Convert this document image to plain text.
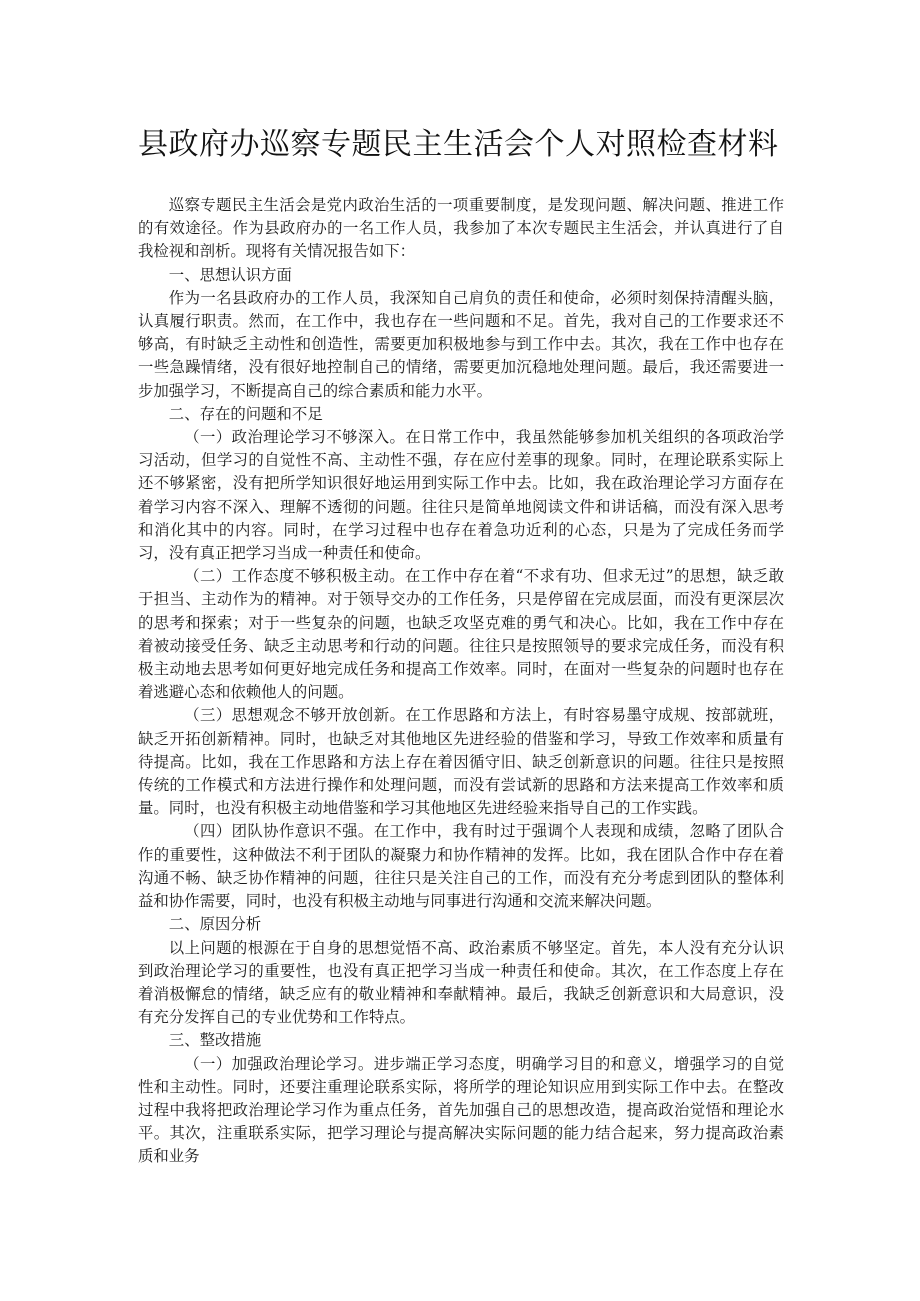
县政府办巡察专题民主生活会个人对照检查材料

巡察专题民主生活会是党内政治生活的一项重要制度，是发现问题、解决问题、推进工作的有效途径。作为县政府办的一名工作人员，我参加了本次专题民主生活会，并认真进行了自我检视和剖析。现将有关情况报告如下：

一、思想认识方面

作为一名县政府办的工作人员，我深知自己肩负的责任和使命，必须时刻保持清醒头脑，认真履行职责。然而，在工作中，我也存在一些问题和不足。首先，我对自己的工作要求还不够高，有时缺乏主动性和创造性，需要更加积极地参与到工作中去。其次，我在工作中也存在一些急躁情绪，没有很好地控制自己的情绪，需要更加沉稳地处理问题。最后，我还需要进一步加强学习，不断提高自己的综合素质和能力水平。

二、存在的问题和不足

（一）政治理论学习不够深入。在日常工作中，我虽然能够参加机关组织的各项政治学习活动，但学习的自觉性不高、主动性不强，存在应付差事的现象。同时，在理论联系实际上还不够紧密，没有把所学知识很好地运用到实际工作中去。比如，我在政治理论学习方面存在着学习内容不深入、理解不透彻的问题。往往只是简单地阅读文件和讲话稿，而没有深入思考和消化其中的内容。同时，在学习过程中也存在着急功近利的心态，只是为了完成任务而学习，没有真正把学习当成一种责任和使命。

（二）工作态度不够积极主动。在工作中存在着“不求有功、但求无过”的思想，缺乏敢于担当、主动作为的精神。对于领导交办的工作任务，只是停留在完成层面，而没有更深层次的思考和探索；对于一些复杂的问题，也缺乏攻坚克难的勇气和决心。比如，我在工作中存在着被动接受任务、缺乏主动思考和行动的问题。往往只是按照领导的要求完成任务，而没有积极主动地去思考如何更好地完成任务和提高工作效率。同时，在面对一些复杂的问题时也存在着逃避心态和依赖他人的问题。

（三）思想观念不够开放创新。在工作思路和方法上，有时容易墨守成规、按部就班，缺乏开拓创新精神。同时，也缺乏对其他地区先进经验的借鉴和学习，导致工作效率和质量有待提高。比如，我在工作思路和方法上存在着因循守旧、缺乏创新意识的问题。往往只是按照传统的工作模式和方法进行操作和处理问题，而没有尝试新的思路和方法来提高工作效率和质量。同时，也没有积极主动地借鉴和学习其他地区先进经验来指导自己的工作实践。

（四）团队协作意识不强。在工作中，我有时过于强调个人表现和成绩，忽略了团队合作的重要性，这种做法不利于团队的凝聚力和协作精神的发挥。比如，我在团队合作中存在着沟通不畅、缺乏协作精神的问题，往往只是关注自己的工作，而没有充分考虑到团队的整体利益和协作需要，同时，也没有积极主动地与同事进行沟通和交流来解决问题。

二、原因分析

以上问题的根源在于自身的思想觉悟不高、政治素质不够坚定。首先，本人没有充分认识到政治理论学习的重要性，也没有真正把学习当成一种责任和使命。其次，在工作态度上存在着消极懈怠的情绪，缺乏应有的敬业精神和奉献精神。最后，我缺乏创新意识和大局意识，没有充分发挥自己的专业优势和工作特点。

三、整改措施

（一）加强政治理论学习。进步端正学习态度，明确学习目的和意义，增强学习的自觉性和主动性。同时，还要注重理论联系实际，将所学的理论知识应用到实际工作中去。在整改过程中我将把政治理论学习作为重点任务，首先加强自己的思想改造，提高政治觉悟和理论水平。其次，注重联系实际，把学习理论与提高解决实际问题的能力结合起来，努力提高政治素质和业务
